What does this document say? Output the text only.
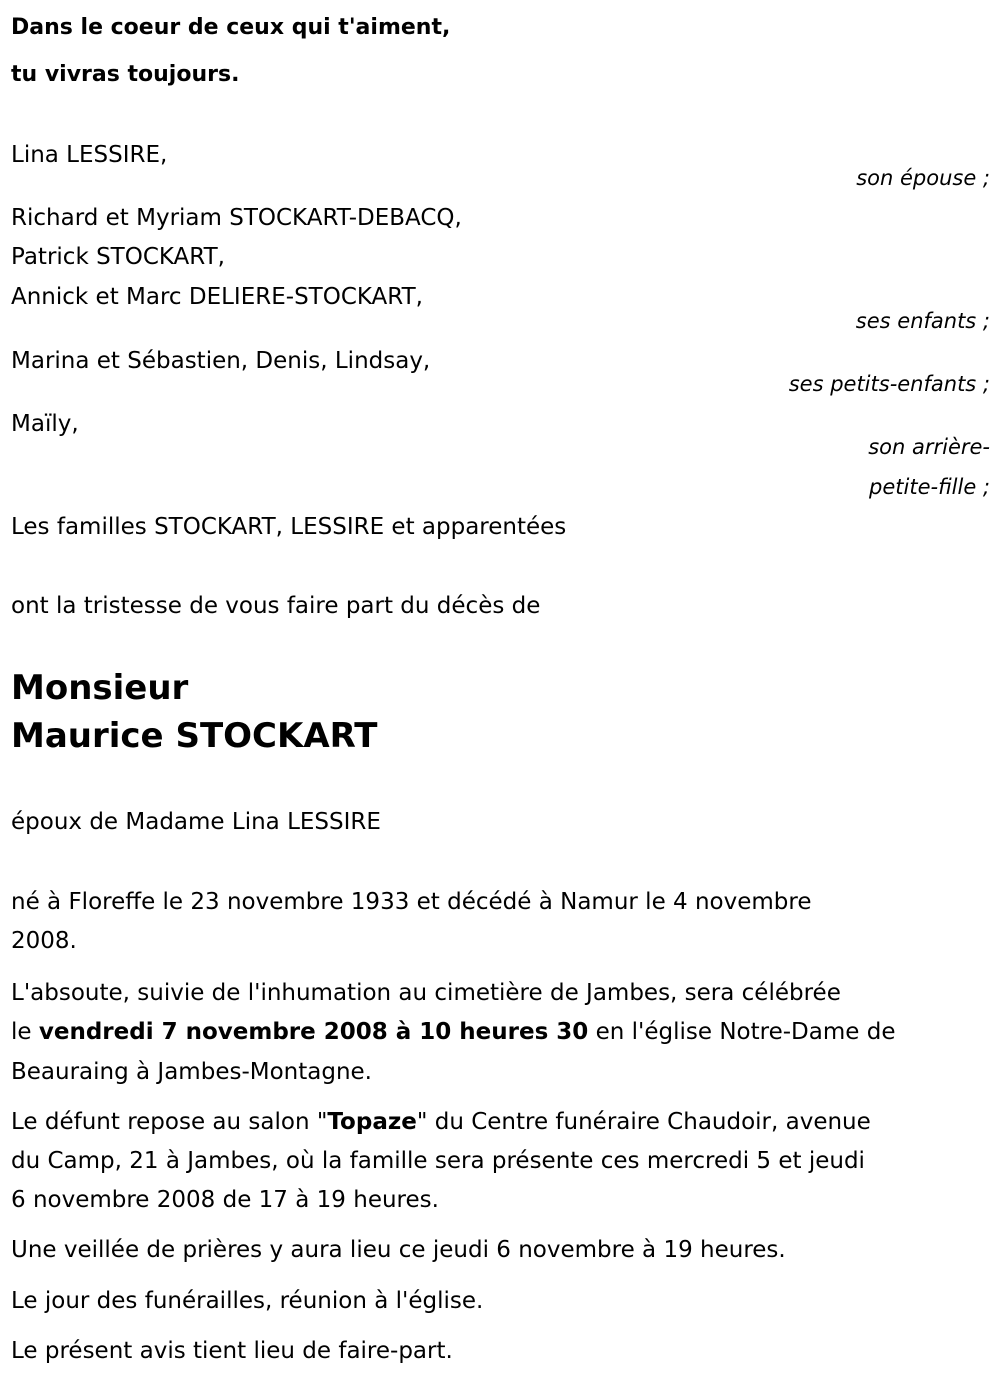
Dans le coeur de ceux qui t'aiment,
tu vivras toujours.
Lina LESSIRE,
son épouse ;
Richard et Myriam STOCKART-DEBACQ,
Patrick STOCKART,
Annick et Marc DELIERE-STOCKART,
ses enfants ;
Marina et Sébastien, Denis, Lindsay,
ses petits-enfants ;
Maïly,
son arrière-
petite-fille ;
Les familles STOCKART, LESSIRE et apparentées
ont la tristesse de vous faire part du décès de
Monsieur
Maurice STOCKART
époux de Madame Lina LESSIRE
né à Floreffe le 23 novembre 1933 et décédé à Namur le 4 novembre
2008.
L'absoute, suivie de l'inhumation au cimetière de Jambes, sera célébrée
le vendredi 7 novembre 2008 à 10 heures 30 en l'église Notre-Dame de
Beauraing à Jambes-Montagne.
Le défunt repose au salon "Topaze" du Centre funéraire Chaudoir, avenue
du Camp, 21 à Jambes, où la famille sera présente ces mercredi 5 et jeudi
6 novembre 2008 de 17 à 19 heures.
Une veillée de prières y aura lieu ce jeudi 6 novembre à 19 heures.
Le jour des funérailles, réunion à l'église.
Le présent avis tient lieu de faire-part.
